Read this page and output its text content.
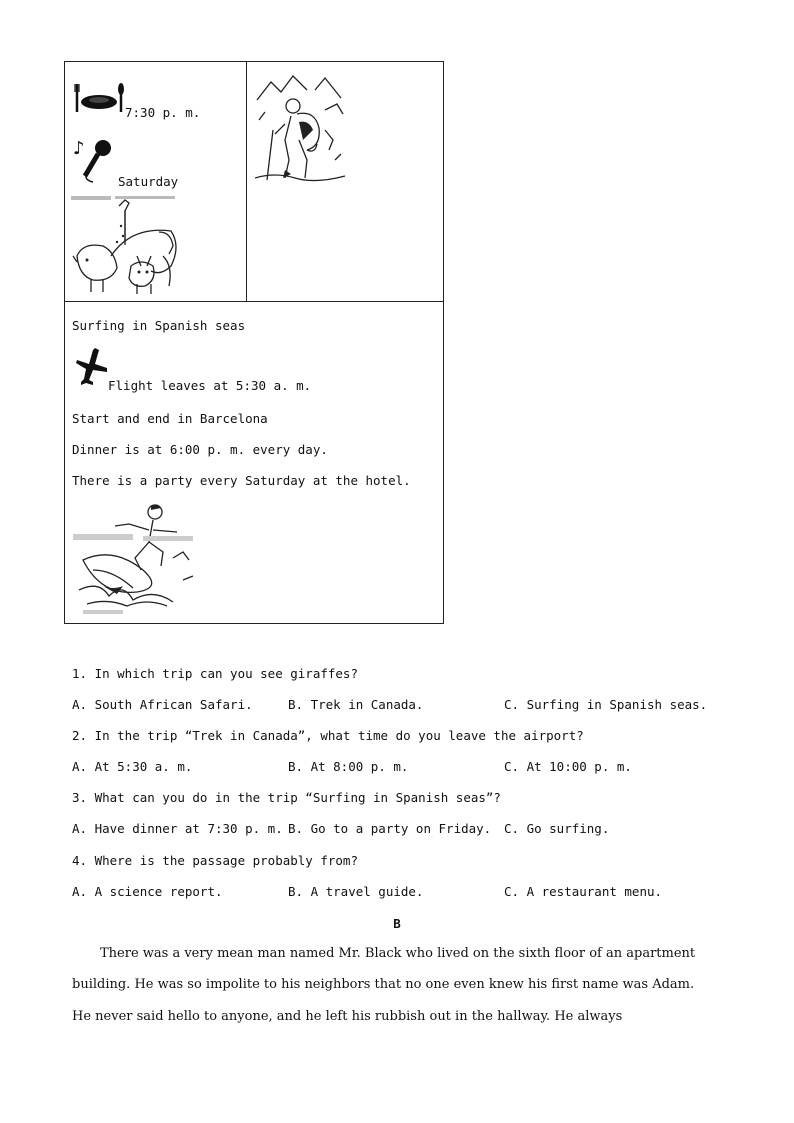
7:30 p. m.
♪
Saturday
Surfing in Spanish seas
Flight leaves at 5:30 a. m.
Start and end in Barcelona
Dinner is at 6:00 p. m. every day.
There is a party every Saturday at the hotel.
1. In which trip can you see giraffes?
A. South African Safari.	B. Trek in Canada.	C. Surfing in Spanish seas.
2. In the trip “Trek in Canada”, what time do you leave the airport?
A. At 5:30 a. m.	B. At 8:00 p. m.	C. At 10:00 p. m.
3. What can you do in the trip “Surfing in Spanish seas”?
A. Have dinner at 7:30 p. m. B. Go to a party on Friday. C. Go surfing.
4. Where is the passage probably from?
A. A science report.	B. A travel guide.	C. A restaurant menu.
B
There was a very mean man named Mr. Black who lived on the sixth floor of an apartment
building. He was so impolite to his neighbors that no one even knew his first name was Adam.
He never said hello to anyone, and he left his rubbish out in the hallway. He always
